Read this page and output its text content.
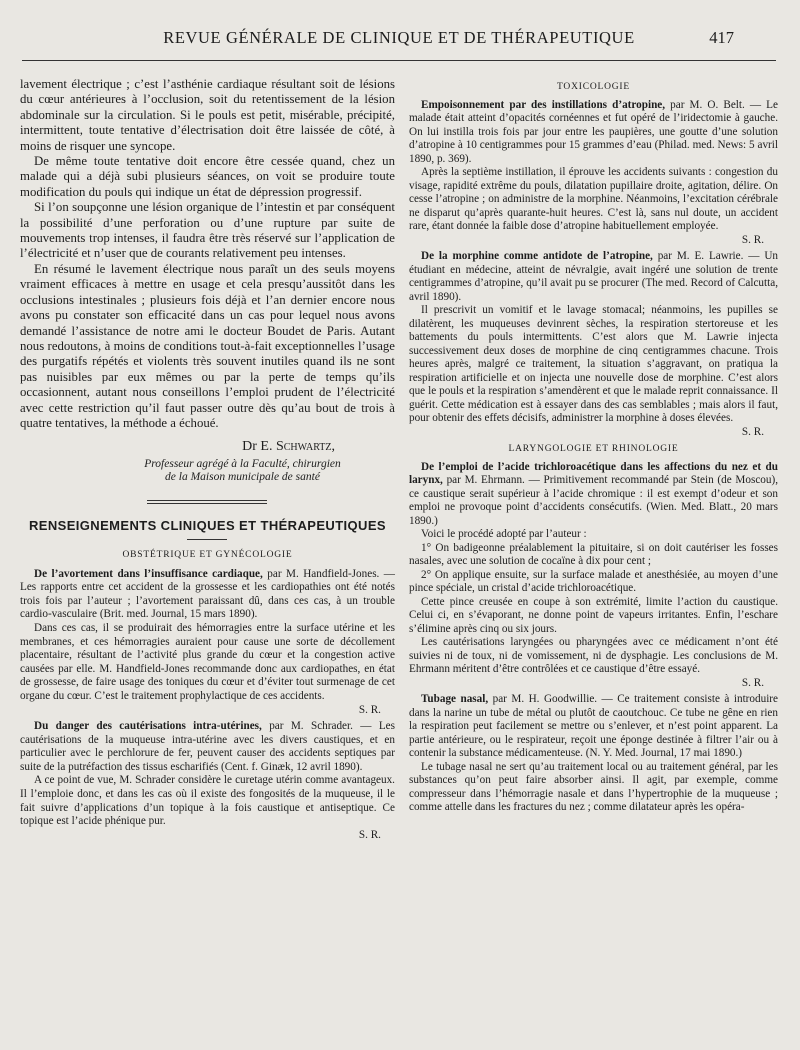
REVUE GÉNÉRALE DE CLINIQUE ET DE THÉRAPEUTIQUE	417

lavement électrique ; c’est l’asthénie cardiaque résultant soit de lésions du cœur antérieures à l’occlusion, soit du retentissement de la lésion abdominale sur la circulation. Si le pouls est petit, misérable, précipité, intermittent, toute tentative d’électrisation doit être laissée de côté, à moins de risquer une syncope.

De même toute tentative doit encore être cessée quand, chez un malade qui a déjà subi plusieurs séances, on voit se produire toute modification du pouls qui indique un état de dépression progressif.

Si l’on soupçonne une lésion organique de l’intestin et par conséquent la possibilité d’une perforation ou d’une rupture par suite de mouvements trop intenses, il faudra être très réservé sur l’application de l’électricité et n’user que de courants relativement peu intenses.

En résumé le lavement électrique nous paraît un des seuls moyens vraiment efficaces à mettre en usage et cela presqu’aussitôt dans les occlusions intestinales ; plusieurs fois déjà et l’an dernier encore nous avons pu constater son efficacité dans un cas pour lequel nous avons demandé l’assistance de notre ami le docteur Boudet de Paris. Autant nous redoutons, à moins de conditions tout-à-fait exceptionnelles l’usage des purgatifs répétés et violents très souvent inutiles quand ils ne sont pas nuisibles par eux mêmes ou par la perte de temps qu’ils occasionnent, autant nous conseillons l’emploi prudent de l’électricité avec cette restriction qu’il faut passer outre dès qu’au bout de trois à quatre tentatives, la méthode a échoué.

Dr E. Schwartz,
Professeur agrégé à la Faculté, chirurgien
de la Maison municipale de santé
RENSEIGNEMENTS CLINIQUES ET THÉRAPEUTIQUES
OBSTÉTRIQUE ET GYNÉCOLOGIE

De l’avortement dans l’insuffisance cardiaque, par M. Handfield-Jones. — Les rapports entre cet accident de la grossesse et les cardiopathies ont été notés trois fois par l’auteur ; l’avortement paraissant dû, dans ces cas, à un trouble cardio-vasculaire (Brit. med. Journal, 15 mars 1890).

Dans ces cas, il se produirait des hémorragies entre la surface utérine et les membranes, et ces hémorragies auraient pour cause une sorte de décollement placentaire, résultant de l’activité plus grande du cœur et la congestion active causées par elle. M. Handfield-Jones recommande donc aux cardiopathes, en état de grossesse, de faire usage des toniques du cœur et d’éviter tout surmenage de cet organe du cœur. C’est le traitement prophylactique de ces accidents.

S. R.

Du danger des cautérisations intra-utérines, par M. Schrader. — Les cautérisations de la muqueuse intra-utérine avec les divers caustiques, et en particulier avec le perchlorure de fer, peuvent causer des accidents septiques par suite de la putréfaction des tissus escharifiés (Cent. f. Ginæk, 12 avril 1890).

A ce point de vue, M. Schrader considère le curetage utérin comme avantageux. Il l’emploie donc, et dans les cas où il existe des fongosités de la muqueuse, il le fait suivre d’applications d’un topique à la fois caustique et antiseptique. Ce topique est l’acide phénique pur.

S. R.
TOXICOLOGIE

Empoisonnement par des instillations d’atropine, par M. O. Belt. — Le malade était atteint d’opacités cornéennes et fut opéré de l’iridectomie à gauche. On lui instilla trois fois par jour entre les paupières, une goutte d’une solution d’atropine à 10 centigrammes pour 15 grammes d’eau (Philad. med. News: 5 avril 1890, p. 369).

Après la septième instillation, il éprouve les accidents suivants : congestion du visage, rapidité extrême du pouls, dilatation pupillaire droite, agitation, délire. On cesse l’atropine ; on administre de la morphine. Néanmoins, l’excitation cérébrale ne disparut qu’après quarante-huit heures. C’est là, sans nul doute, un accident rare, étant donnée la faible dose d’atropine habituellement employée.

S. R.

De la morphine comme antidote de l’atropine, par M. E. Lawrie. — Un étudiant en médecine, atteint de névralgie, avait ingéré une solution de trente centigrammes d’atropine, qu’il avait pu se procurer (The med. Record of Calcutta, avril 1890).

Il prescrivit un vomitif et le lavage stomacal; néanmoins, les pupilles se dilatèrent, les muqueuses devinrent sèches, la respiration stertoreuse et les battements du pouls intermittents. C’est alors que M. Lawrie injecta successivement deux doses de morphine de cinq centigrammes chacune. Trois heures après, malgré ce traitement, la situation s’aggravant, on pratiqua la respiration artificielle et on injecta une nouvelle dose de morphine. C’est alors que le pouls et la respiration s’amendèrent et que le malade reprit connaissance. Il guérit. Cette médication est à essayer dans des cas semblables ; mais alors il faut, pour obtenir des effets décisifs, administrer la morphine à doses élevées.

S. R.
LARYNGOLOGIE ET RHINOLOGIE

De l’emploi de l’acide trichloroacétique dans les affections du nez et du larynx, par M. Ehrmann. — Primitivement recommandé par Stein (de Moscou), ce caustique serait supérieur à l’acide chromique : il est exempt d’odeur et son emploi ne provoque point d’accidents consécutifs. (Wien. Med. Blatt., 20 mars 1890.)

Voici le procédé adopté par l’auteur :

1° On badigeonne préalablement la pituitaire, si on doit cautériser les fosses nasales, avec une solution de cocaïne à dix pour cent ;

2° On applique ensuite, sur la surface malade et anesthésiée, au moyen d’une pince spéciale, un cristal d’acide trichloroacétique.

Cette pince creusée en coupe à son extrémité, limite l’action du caustique. Celui ci, en s’évaporant, ne donne point de vapeurs irritantes. Enfin, l’eschare s’élimine après cinq ou six jours.

Les cautérisations laryngées ou pharyngées avec ce médicament n’ont été suivies ni de toux, ni de vomissement, ni de dysphagie. Les conclusions de M. Ehrmann méritent d’être contrôlées et ce caustique d’être essayé.

S. R.

Tubage nasal, par M. H. Goodwillie. — Ce traitement consiste à introduire dans la narine un tube de métal ou plutôt de caoutchouc. Ce tube ne gêne en rien la respiration peut facilement se mettre ou s’enlever, et n’est point apparent. La partie antérieure, ou le respirateur, reçoit une éponge destinée à filtrer l’air ou à contenir la substance médicamenteuse. (N. Y. Med. Journal, 17 mai 1890.)

Le tubage nasal ne sert qu’au traitement local ou au traitement général, par les substances qu’on peut faire absorber ainsi. Il agit, par exemple, comme compresseur dans l’hémorragie nasale et dans l’hypertrophie de la muqueuse ; comme attelle dans les fractures du nez ; comme dilatateur après les opéra-
